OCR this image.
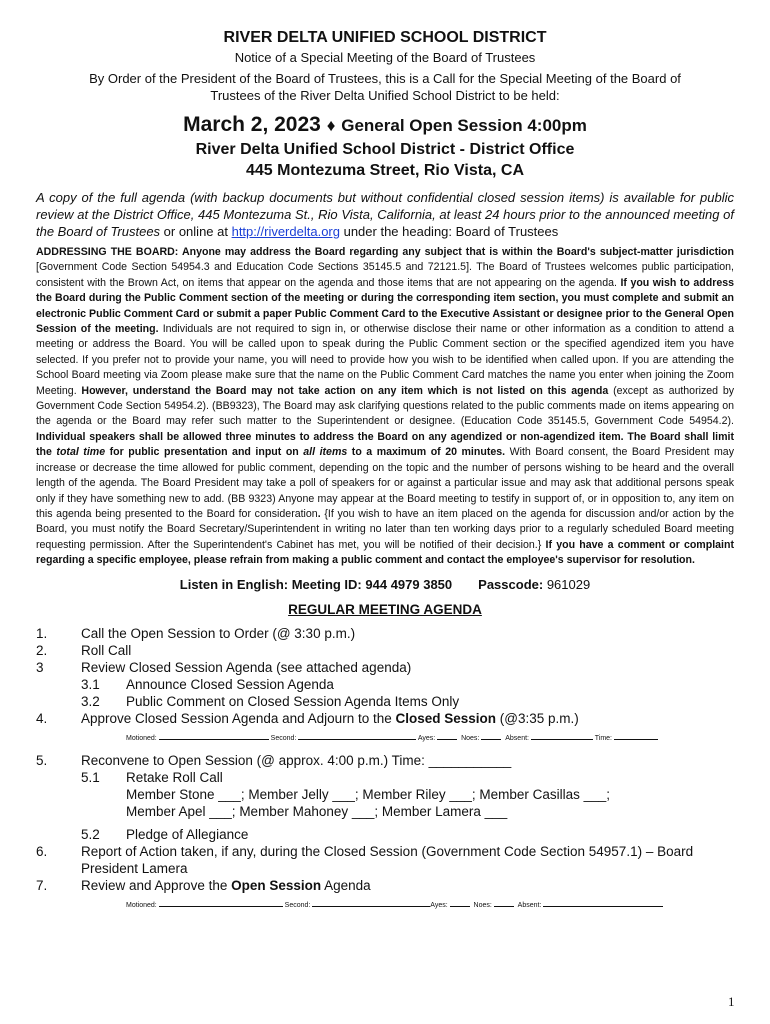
RIVER DELTA UNIFIED SCHOOL DISTRICT
Notice of a Special Meeting of the Board of Trustees
By Order of the President of the Board of Trustees, this is a Call for the Special Meeting of the Board of Trustees of the River Delta Unified School District to be held:
March 2, 2023 ♦ General Open Session 4:00pm
River Delta Unified School District - District Office
445 Montezuma Street, Rio Vista, CA
A copy of the full agenda (with backup documents but without confidential closed session items) is available for public review at the District Office, 445 Montezuma St., Rio Vista, California, at least 24 hours prior to the announced meeting of the Board of Trustees or online at http://riverdelta.org under the heading: Board of Trustees
ADDRESSING THE BOARD: Anyone may address the Board regarding any subject that is within the Board's subject-matter jurisdiction [Government Code Section 54954.3 and Education Code Sections 35145.5 and 72121.5]. The Board of Trustees welcomes public participation, consistent with the Brown Act, on items that appear on the agenda and those items that are not appearing on the agenda. If you wish to address the Board during the Public Comment section of the meeting or during the corresponding item section, you must complete and submit an electronic Public Comment Card or submit a paper Public Comment Card to the Executive Assistant or designee prior to the General Open Session of the meeting. Individuals are not required to sign in, or otherwise disclose their name or other information as a condition to attend a meeting or address the Board. You will be called upon to speak during the Public Comment section or the specified agendized item you have selected. If you prefer not to provide your name, you will need to provide how you wish to be identified when called upon. If you are attending the School Board meeting via Zoom please make sure that the name on the Public Comment Card matches the name you enter when joining the Zoom Meeting. However, understand the Board may not take action on any item which is not listed on this agenda (except as authorized by Government Code Section 54954.2). (BB9323), The Board may ask clarifying questions related to the public comments made on items appearing on the agenda or the Board may refer such matter to the Superintendent or designee. (Education Code 35145.5, Government Code 54954.2). Individual speakers shall be allowed three minutes to address the Board on any agendized or non-agendized item. The Board shall limit the total time for public presentation and input on all items to a maximum of 20 minutes. With Board consent, the Board President may increase or decrease the time allowed for public comment, depending on the topic and the number of persons wishing to be heard and the overall length of the agenda. The Board President may take a poll of speakers for or against a particular issue and may ask that additional persons speak only if they have something new to add. (BB 9323) Anyone may appear at the Board meeting to testify in support of, or in opposition to, any item on this agenda being presented to the Board for consideration. {If you wish to have an item placed on the agenda for discussion and/or action by the Board, you must notify the Board Secretary/Superintendent in writing no later than ten working days prior to a regularly scheduled Board meeting requesting permission. After the Superintendent's Cabinet has met, you will be notified of their decision.} If you have a comment or complaint regarding a specific employee, please refrain from making a public comment and contact the employee's supervisor for resolution.
Listen in English: Meeting ID: 944 4979 3850 Passcode: 961029
REGULAR MEETING AGENDA
1.	Call the Open Session to Order (@ 3:30 p.m.)
2.	Roll Call
3	Review Closed Session Agenda (see attached agenda)
3.1	Announce Closed Session Agenda
3.2	Public Comment on Closed Session Agenda Items Only
4.	Approve Closed Session Agenda and Adjourn to the Closed Session (@3:35 p.m.)
Motioned:	Second:	Ayes:	Noes:	Absent:	Time:
5.	Reconvene to Open Session (@ approx. 4:00 p.m.) Time: ___________
5.1	Retake Roll Call
Member Stone ___; Member Jelly ___; Member Riley ___; Member Casillas ___;
Member Apel ___; Member Mahoney ___; Member Lamera ___
5.2	Pledge of Allegiance
6.	Report of Action taken, if any, during the Closed Session (Government Code Section 54957.1) – Board President Lamera
7.	Review and Approve the Open Session Agenda
Motioned:	Second:	Ayes:	Noes:	Absent:
1
